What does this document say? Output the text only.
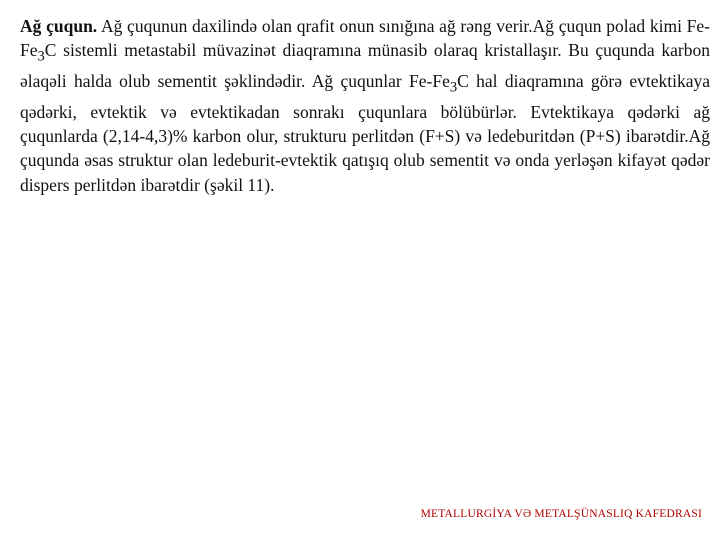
Ağ çuqun. Ağ çuqunun daxilində olan qrafit onun sınığına ağ rəng verir.Ağ çuqun polad kimi $Fe-Fe_3C$ sistemli metastabil müvazinət diaqramına münasib olaraq kristallaşır. Bu çuqunda karbon əlaqəli halda olub sementit şəklindədir. Ağ çuqunlar $Fe-Fe_3C$ hal diaqramına görə evtektikaya qədərki, evtektik və evtektikadan sonrakı çuqunlara bölübürlər. Evtektikaya qədərki ağ çuqunlarda (2,14-4,3)% karbon olur, strukturu perlitdən (F+S) və ledeburitdən (P+S) ibarətdir.Ağ çuqunda əsas struktur olan ledeburit-evtektik qatışıq olub sementit və onda yerləşən kifayət qədər dispers perlitdən ibarətdir (şəkil 11).

METALLURGİYA VƏ METALŞÜNASLIQ KAFEDRASI
